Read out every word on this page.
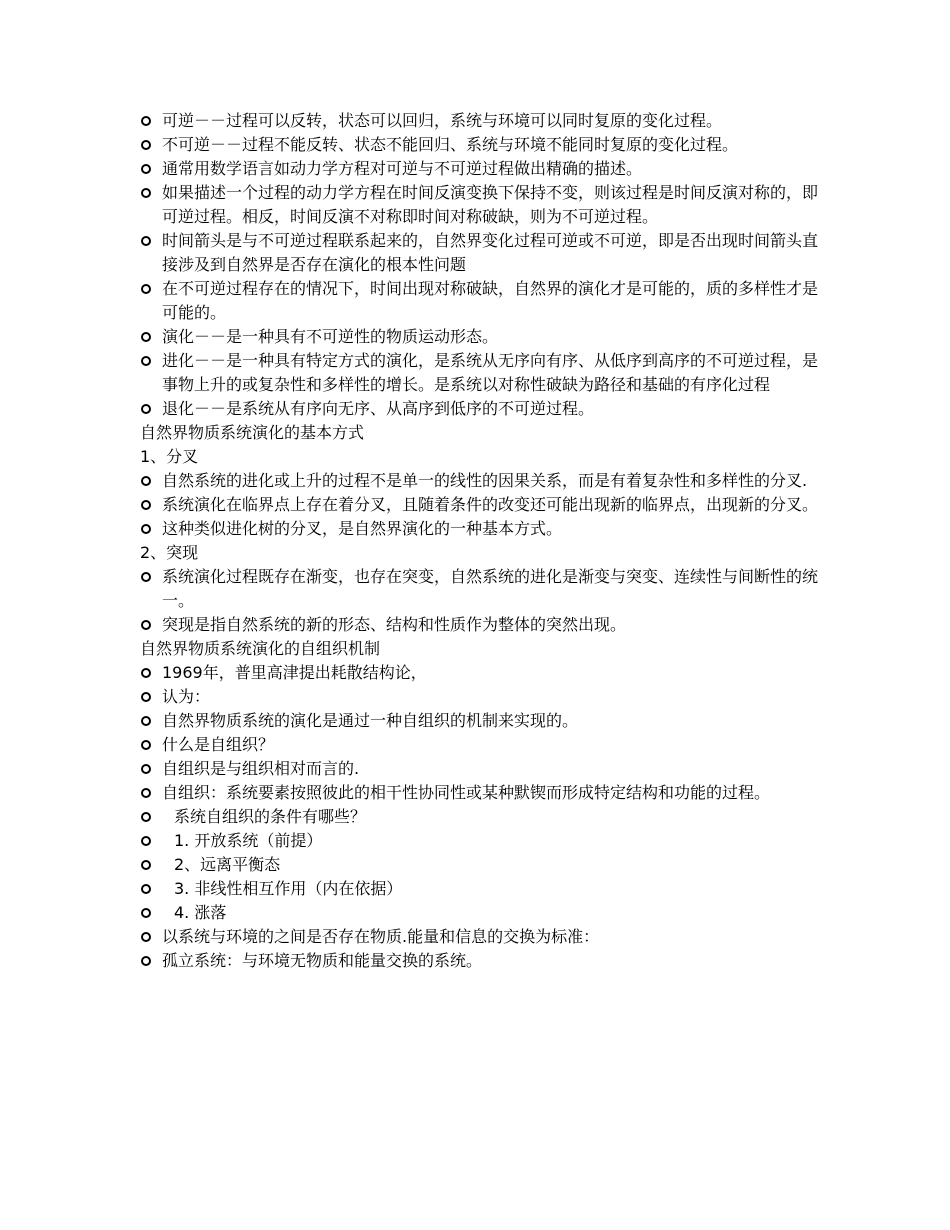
可逆－－过程可以反转，状态可以回归，系统与环境可以同时复原的变化过程。
不可逆－－过程不能反转、状态不能回归、系统与环境不能同时复原的变化过程。
通常用数学语言如动力学方程对可逆与不可逆过程做出精确的描述。
如果描述一个过程的动力学方程在时间反演变换下保持不变，则该过程是时间反演对称的，即可逆过程。相反，时间反演不对称即时间对称破缺，则为不可逆过程。
时间箭头是与不可逆过程联系起来的，自然界变化过程可逆或不可逆，即是否出现时间箭头直接涉及到自然界是否存在演化的根本性问题
在不可逆过程存在的情况下，时间出现对称破缺，自然界的演化才是可能的，质的多样性才是可能的。
演化－－是一种具有不可逆性的物质运动形态。
进化－－是一种具有特定方式的演化，是系统从无序向有序、从低序到高序的不可逆过程，是事物上升的或复杂性和多样性的增长。是系统以对称性破缺为路径和基础的有序化过程
退化－－是系统从有序向无序、从高序到低序的不可逆过程。
自然界物质系统演化的基本方式
1、分叉
自然系统的进化或上升的过程不是单一的线性的因果关系，而是有着复杂性和多样性的分叉.
系统演化在临界点上存在着分叉，且随着条件的改变还可能出现新的临界点，出现新的分叉。
这种类似进化树的分叉，是自然界演化的一种基本方式。
2、突现
系统演化过程既存在渐变，也存在突变，自然系统的进化是渐变与突变、连续性与间断性的统一。
突现是指自然系统的新的形态、结构和性质作为整体的突然出现。
自然界物质系统演化的自组织机制
1969年，普里高津提出耗散结构论，
认为：
自然界物质系统的演化是通过一种自组织的机制来实现的。
什么是自组织？
自组织是与组织相对而言的.
自组织：系统要素按照彼此的相干性协同性或某种默锲而形成特定结构和功能的过程。
系统自组织的条件有哪些？
1. 开放系统（前提）
2、远离平衡态
3. 非线性相互作用（内在依据）
4. 涨落
以系统与环境的之间是否存在物质.能量和信息的交换为标准：
孤立系统：与环境无物质和能量交换的系统。
